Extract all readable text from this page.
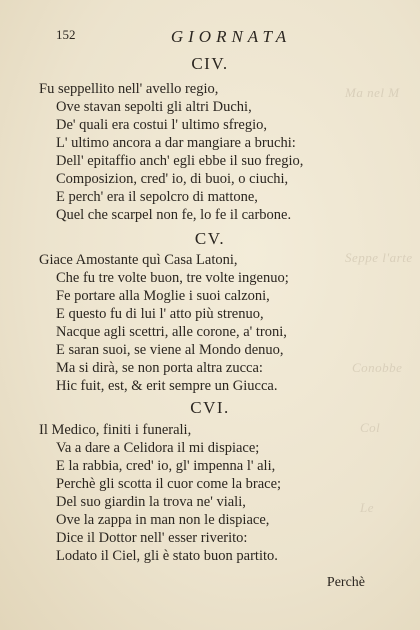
Ma nel M
Seppe l'arte
Conobbe
Col
Le
152	GIORNATA
CIV.
Fu seppellito nell' avello regio,
Ove stavan sepolti gli altri Duchi,
De' quali era costui l' ultimo sfregio,
L' ultimo ancora a dar mangiare a bruchi:
Dell' epitaffio anch' egli ebbe il suo fregio,
Composizion, cred' io, di buoi, o ciuchi,
E perch' era il sepolcro di mattone,
Quel che scarpel non fe, lo fe il carbone.
CV.
Giace Amostante quì Casa Latoni,
Che fu tre volte buon, tre volte ingenuo;
Fe portare alla Moglie i suoi calzoni,
E questo fu di lui l' atto più strenuo,
Nacque agli scettri, alle corone, a' troni,
E saran suoi, se viene al Mondo denuo,
Ma si dirà, se non porta altra zucca:
Hic fuit, est, & erit sempre un Giucca.
CVI.
Il Medico, finiti i funerali,
Va a dare a Celidora il mi dispiace;
E la rabbia, cred' io, gl' impenna l' ali,
Perchè gli scotta il cuor come la brace;
Del suo giardin la trova ne' viali,
Ove la zappa in man non le dispiace,
Dice il Dottor nell' esser riverito:
Lodato il Ciel, gli è stato buon partito.
Perchè
